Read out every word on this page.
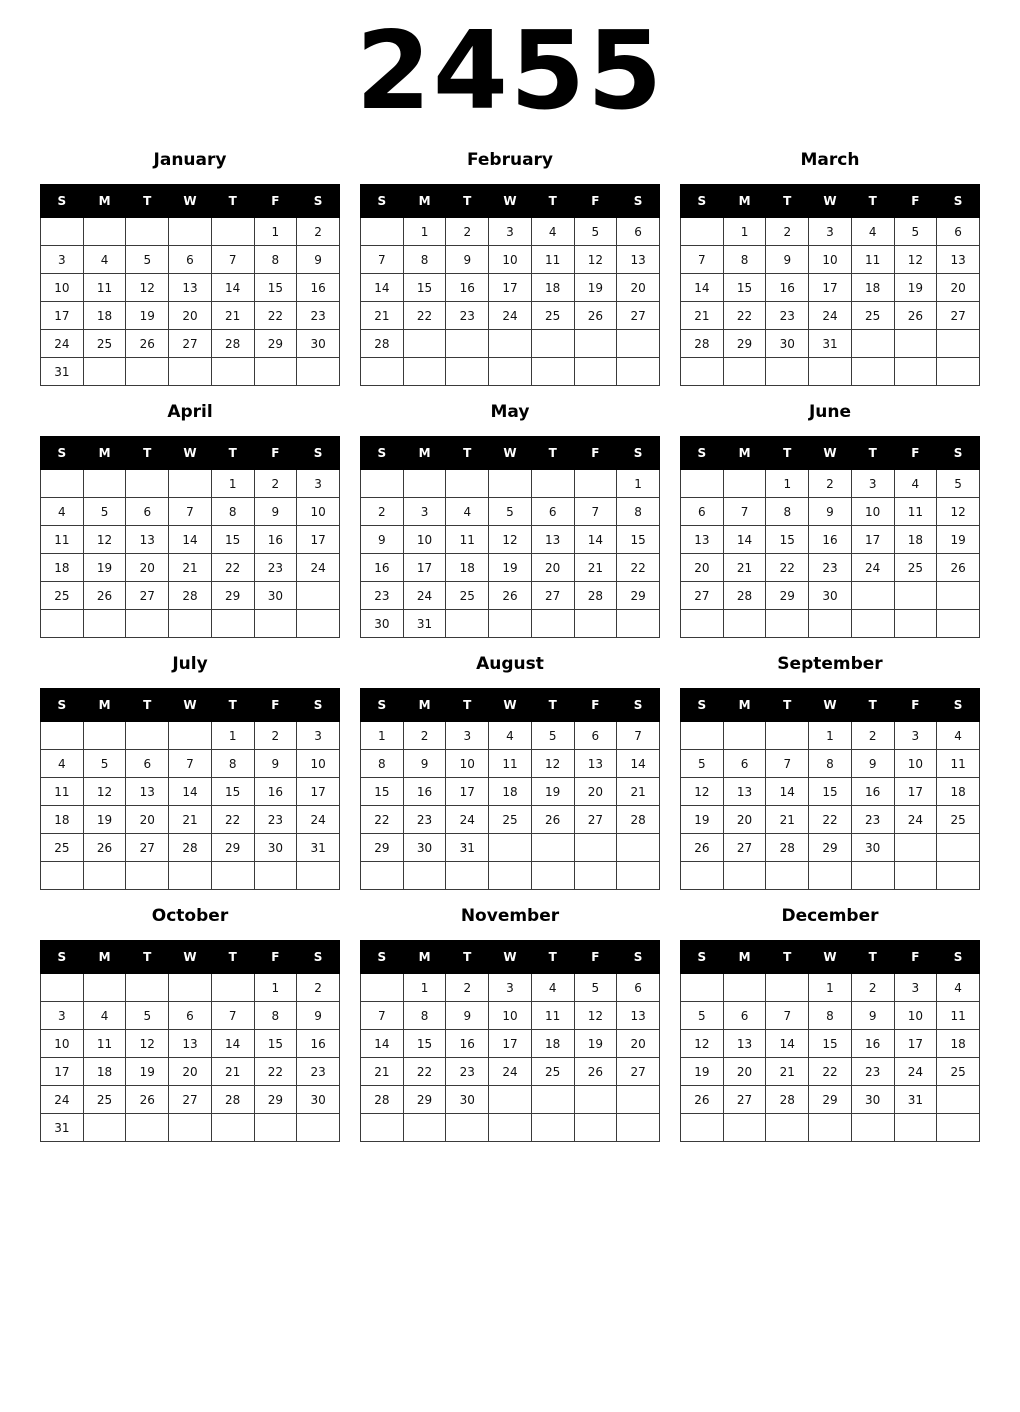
2455
January
S	M	T	W	T	F	S
					1	2
3	4	5	6	7	8	9
10	11	12	13	14	15	16
17	18	19	20	21	22	23
24	25	26	27	28	29	30
31						
February
S	M	T	W	T	F	S
	1	2	3	4	5	6
7	8	9	10	11	12	13
14	15	16	17	18	19	20
21	22	23	24	25	26	27
28						

March
S	M	T	W	T	F	S
	1	2	3	4	5	6
7	8	9	10	11	12	13
14	15	16	17	18	19	20
21	22	23	24	25	26	27
28	29	30	31			

April
S	M	T	W	T	F	S
				1	2	3
4	5	6	7	8	9	10
11	12	13	14	15	16	17
18	19	20	21	22	23	24
25	26	27	28	29	30	

May
S	M	T	W	T	F	S
						1
2	3	4	5	6	7	8
9	10	11	12	13	14	15
16	17	18	19	20	21	22
23	24	25	26	27	28	29
30	31					
June
S	M	T	W	T	F	S
		1	2	3	4	5
6	7	8	9	10	11	12
13	14	15	16	17	18	19
20	21	22	23	24	25	26
27	28	29	30			

July
S	M	T	W	T	F	S
				1	2	3
4	5	6	7	8	9	10
11	12	13	14	15	16	17
18	19	20	21	22	23	24
25	26	27	28	29	30	31

August
S	M	T	W	T	F	S
1	2	3	4	5	6	7
8	9	10	11	12	13	14
15	16	17	18	19	20	21
22	23	24	25	26	27	28
29	30	31				

September
S	M	T	W	T	F	S
			1	2	3	4
5	6	7	8	9	10	11
12	13	14	15	16	17	18
19	20	21	22	23	24	25
26	27	28	29	30		

October
S	M	T	W	T	F	S
					1	2
3	4	5	6	7	8	9
10	11	12	13	14	15	16
17	18	19	20	21	22	23
24	25	26	27	28	29	30
31						
November
S	M	T	W	T	F	S
	1	2	3	4	5	6
7	8	9	10	11	12	13
14	15	16	17	18	19	20
21	22	23	24	25	26	27
28	29	30				

December
S	M	T	W	T	F	S
			1	2	3	4
5	6	7	8	9	10	11
12	13	14	15	16	17	18
19	20	21	22	23	24	25
26	27	28	29	30	31	
